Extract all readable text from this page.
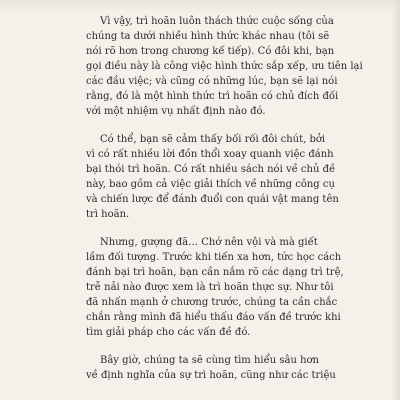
Vì vậy, trì hoãn luôn thách thức cuộc sống của
chúng ta dưới nhiều hình thức khác nhau (tôi sẽ
nói rõ hơn trong chương kế tiếp). Có đôi khi, bạn
gọi điều này là công việc hình thức sắp xếp, ưu tiên lại
các đầu việc; và cũng có những lúc, bạn sẽ lại nói
rằng, đó là một hình thức trì hoãn có chủ đích đối
với một nhiệm vụ nhất định nào đó.

Có thể, bạn sẽ cảm thấy bối rối đôi chút, bởi
vì có rất nhiều lời đồn thổi xoay quanh việc đánh
bại thói trì hoãn. Có rất nhiều sách nói về chủ đề
này, bao gồm cả việc giải thích về những công cụ
và chiến lược để đánh đuổi con quái vật mang tên
trì hoãn.

Nhưng, gượng đã… Chớ nên vội và mà giết
lầm đối tượng. Trước khi tiến xa hơn, tức học cách
đánh bại trì hoãn, bạn cần nắm rõ các dạng trì trệ,
trễ nải nào được xem là trì hoãn thực sự. Như tôi
đã nhấn mạnh ở chương trước, chúng ta cần chắc
chắn rằng mình đã hiểu thấu đáo vấn đề trước khi
tìm giải pháp cho các vấn đề đó.

Bây giờ, chúng ta sẽ cùng tìm hiểu sâu hơn
về định nghĩa của sự trì hoãn, cũng như các triệu
